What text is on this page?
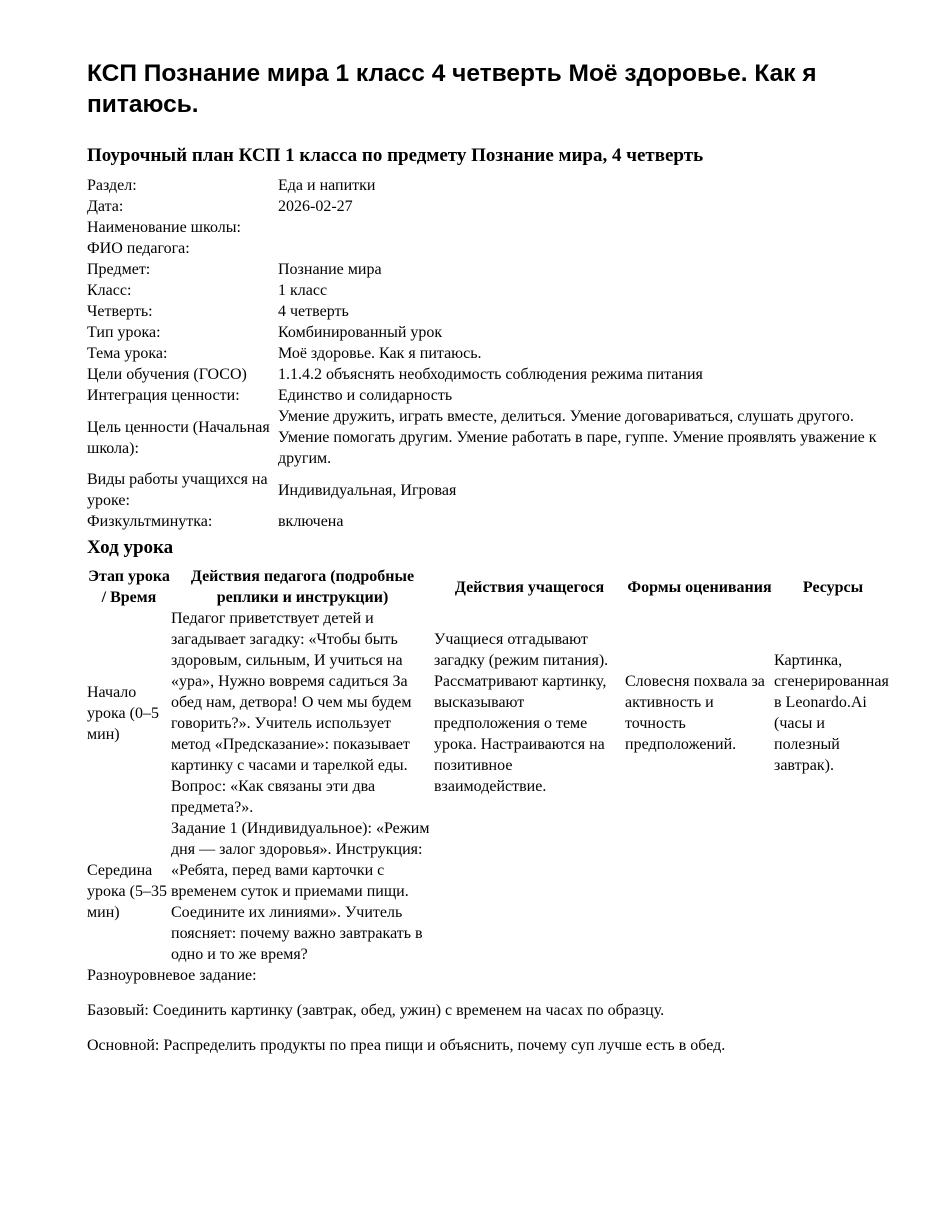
КСП Познание мира 1 класс 4 четверть Моё здоровье. Как я питаюсь.
Поурочный план КСП 1 класса по предмету Познание мира, 4 четверть
Раздел:	Еда и напитки
Дата:	2026-02-27
Наименование школы:	
ФИО педагога:	
Предмет:	Познание мира
Класс:	1 класс
Четверть:	4 четверть
Тип урока:	Комбинированный урок
Тема урока:	Моё здоровье. Как я питаюсь.
Цели обучения (ГОСО)	1.1.4.2 объяснять необходимость соблюдения режима питания
Интеграция ценности:	Единство и солидарность
Цель ценности (Начальная школа):	Умение дружить, играть вместе, делиться. Умение договариваться, слушать другого. Умение помогать другим. Умение работать в паре, гуппе. Умение проявлять уважение к другим.
Виды работы учащихся на уроке:	Индивидуальная, Игровая
Физкультминутка:	включена
Ход урока
Этап урока / Время	Действия педагога (подробные реплики и инструкции)	Действия учащегося	Формы оценивания	Ресурсы
Начало урока (0–5 мин)	Педагог приветствует детей и загадывает загадку: «Чтобы быть здоровым, сильным, И учиться на «ура», Нужно вовремя садиться За обед нам, детвора! О чем мы будем говорить?». Учитель использует метод «Предсказание»: показывает картинку с часами и тарелкой еды. Вопрос: «Как связаны эти два предмета?».	Учащиеся отгадывают загадку (режим питания). Рассматривают картинку, высказывают предположения о теме урока. Настраиваются на позитивное взаимодействие.	Словесня похвала за активность и точность предположений.	Картинка, сгенерированная в Leonardo.Ai (часы и полезный завтрак).
Середина урока (5–35 мин)	Задание 1 (Индивидуальное): «Режим дня — залог здоровья». Инструкция: «Ребята, перед вами карточки с временем суток и приемами пищи. Соедините их линиями». Учитель поясняет: почему важно завтракать в одно и то же время?			

Разноуровневое задание:

Базовый: Соединить картинку (завтрак, обед, ужин) с временем на часах по образцу.

Основной: Распределить продукты по преа пищи и объяснить, почему суп лучше есть в обед.
